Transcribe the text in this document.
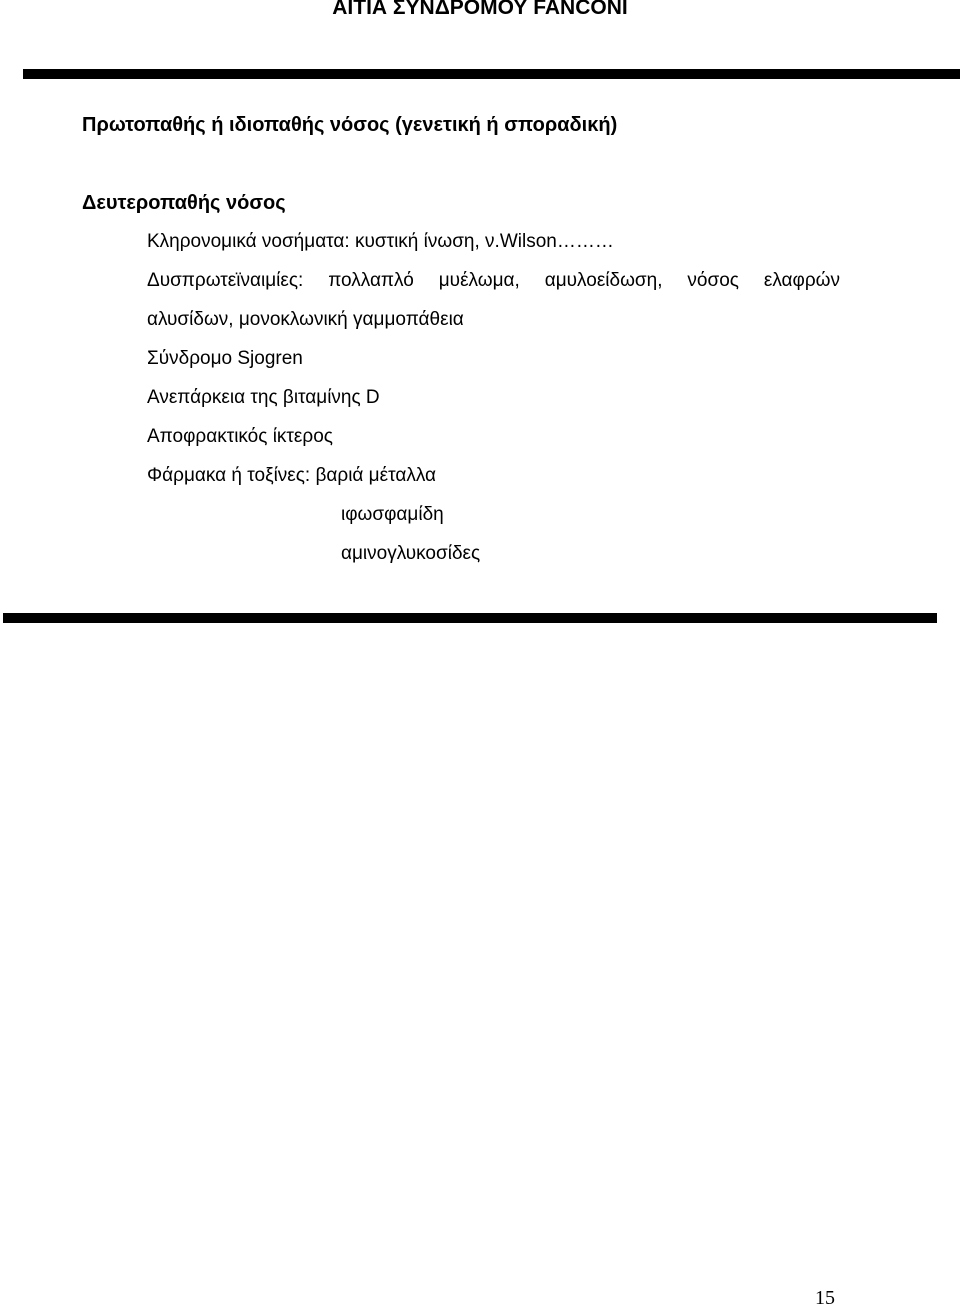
ΑΙΤΙΑ ΣΥΝΔΡΟΜΟΥ FANCONI
Πρωτοπαθής ή ιδιοπαθής νόσος (γενετική ή σποραδική)
Δευτεροπαθής νόσος
Κληρονομικά νοσήματα: κυστική ίνωση, ν.Wilson………
Δυσπρωτεϊναιμίες: πολλαπλό μυέλωμα, αμυλοείδωση, νόσος ελαφρών
αλυσίδων, μονοκλωνική γαμμοπάθεια
Σύνδρομο Sjogren
Ανεπάρκεια της βιταμίνης D
Αποφρακτικός ίκτερος
Φάρμακα ή τοξίνες: βαριά μέταλλα
ιφωσφαμίδη
αμινογλυκοσίδες
15
